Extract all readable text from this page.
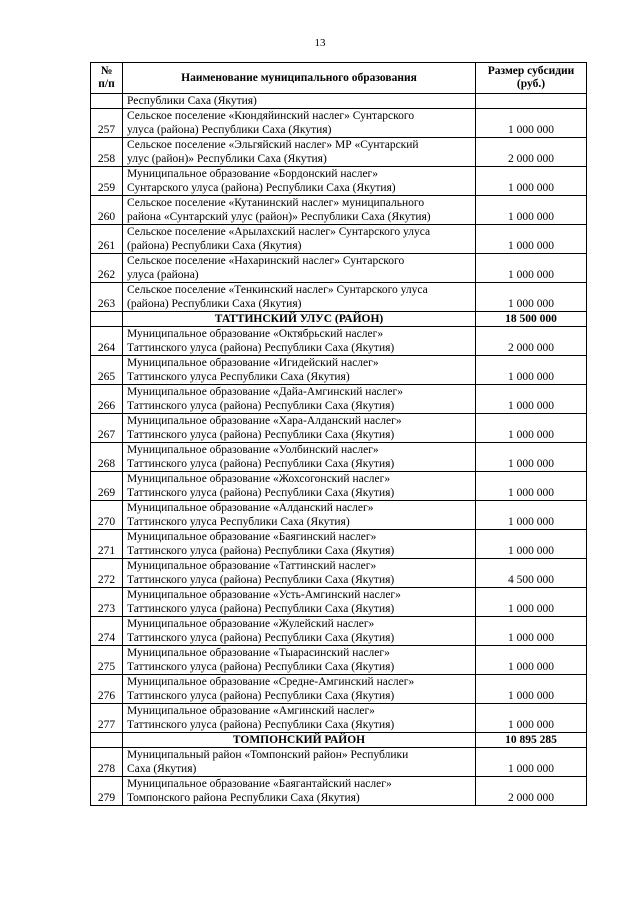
13
№
п/п	Наименование муниципального образования	Размер субсидии
(руб.)

	Республики Саха (Якутия)	
257	Сельское поселение «Кюндяйинский наслег» Сунтарского
улуса (района) Республики Саха (Якутия)	1 000 000
258	Сельское поселение «Эльгяйский наслег» МР «Сунтарский
улус (район)» Республики Саха (Якутия)	2 000 000
259	Муниципальное образование «Бордонский наслег»
Сунтарского улуса (района) Республики Саха (Якутия)	1 000 000
260	Сельское поселение «Кутанинский наслег» муниципального
района «Сунтарский улус (район)» Республики Саха (Якутия)	1 000 000
261	Сельское поселение «Арылахский наслег» Сунтарского улуса
(района) Республики Саха (Якутия)	1 000 000
262	Сельское поселение «Нахаринский наслег» Сунтарского
улуса (района)	1 000 000
263	Сельское поселение «Тенкинский наслег» Сунтарского улуса
(района) Республики Саха (Якутия)	1 000 000
	ТАТТИНСКИЙ УЛУС (РАЙОН)	18 500 000
264	Муниципальное образование «Октябрьский наслег»
Таттинского улуса (района) Республики Саха (Якутия)	2 000 000
265	Муниципальное образование «Игидейский наслег»
Таттинского улуса Республики Саха (Якутия)	1 000 000
266	Муниципальное образование «Дайа-Амгинский наслег»
Таттинского улуса (района) Республики Саха (Якутия)	1 000 000
267	Муниципальное образование «Хара-Алданский наслег»
Таттинского улуса (района) Республики Саха (Якутия)	1 000 000
268	Муниципальное образование «Уолбинский наслег»
Таттинского улуса (района) Республики Саха (Якутия)	1 000 000
269	Муниципальное образование «Жохсогонский наслег»
Таттинского улуса (района) Республики Саха (Якутия)	1 000 000
270	Муниципальное образование «Алданский наслег»
Таттинского улуса Республики Саха (Якутия)	1 000 000
271	Муниципальное образование «Баягинский наслег»
Таттинского улуса (района) Республики Саха (Якутия)	1 000 000
272	Муниципальное образование «Таттинский наслег»
Таттинского улуса (района) Республики Саха (Якутия)	4 500 000
273	Муниципальное образование «Усть-Амгинский наслег»
Таттинского улуса (района) Республики Саха (Якутия)	1 000 000
274	Муниципальное образование «Жулейский наслег»
Таттинского улуса (района) Республики Саха (Якутия)	1 000 000
275	Муниципальное образование «Тыарасинский наслег»
Таттинского улуса (района) Республики Саха (Якутия)	1 000 000
276	Муниципальное образование «Средне-Амгинский наслег»
Таттинского улуса (района) Республики Саха (Якутия)	1 000 000
277	Муниципальное образование «Амгинский наслег»
Таттинского улуса (района) Республики Саха (Якутия)	1 000 000
	ТОМПОНСКИЙ РАЙОН	10 895 285
278	Муниципальный район «Томпонский район» Республики
Саха (Якутия)	1 000 000
279	Муниципальное образование «Баягантайский наслег»
Томпонского района Республики Саха (Якутия)	2 000 000
